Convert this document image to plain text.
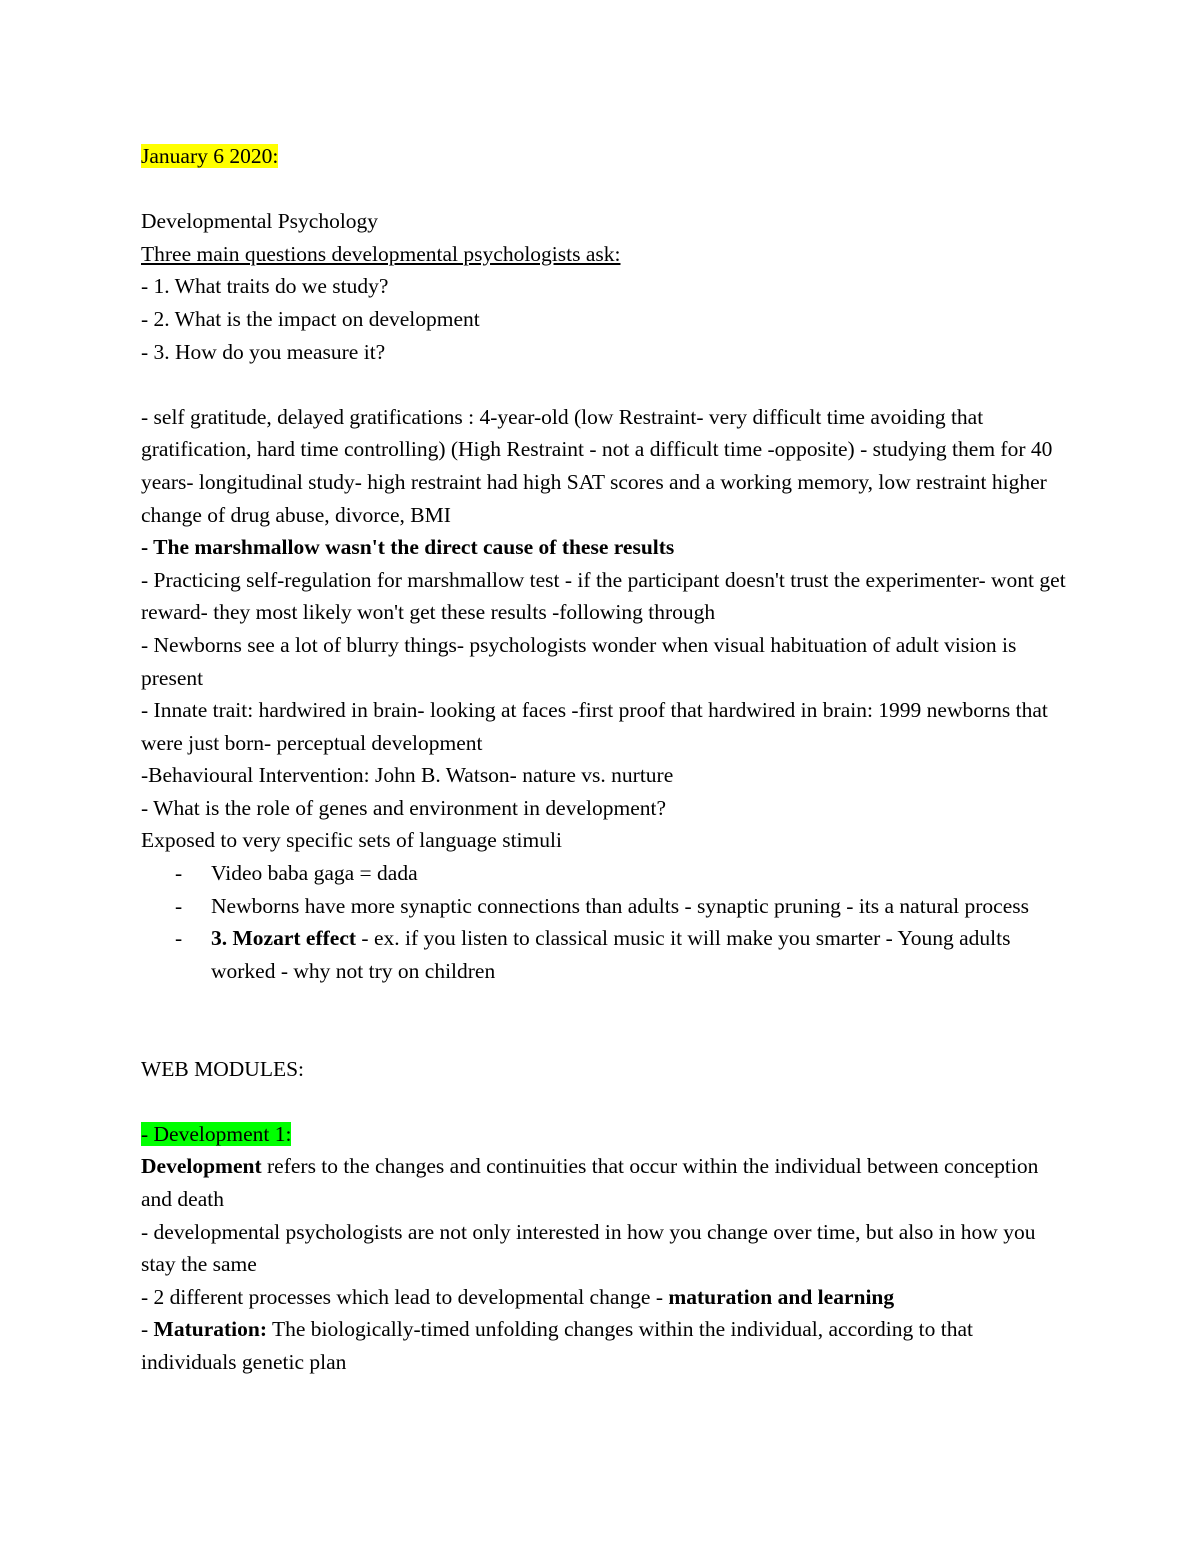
January 6 2020:

Developmental Psychology

Three main questions developmental psychologists ask:

- 1. What traits do we study?

- 2. What is the impact on development

- 3. How do you measure it?

- self gratitude, delayed gratifications : 4-year-old (low Restraint- very difficult time avoiding that gratification, hard time controlling) (High Restraint - not a difficult time -opposite) - studying them for 40 years- longitudinal study- high restraint had high SAT scores and a working memory, low restraint higher change of drug abuse, divorce, BMI

- The marshmallow wasn't the direct cause of these results

- Practicing self-regulation for marshmallow test - if the participant doesn't trust the experimenter- wont get reward- they most likely won't get these results -following through

- Newborns see a lot of blurry things- psychologists wonder when visual habituation of adult vision is present

- Innate trait: hardwired in brain- looking at faces -first proof that hardwired in brain: 1999 newborns that were just born- perceptual development

-Behavioural Intervention: John B. Watson- nature vs. nurture

- What is the role of genes and environment in development?

Exposed to very specific sets of language stimuli

- Video baba gaga = dada
- Newborns have more synaptic connections than adults - synaptic pruning - its a natural process
- 3. Mozart effect - ex. if you listen to classical music it will make you smarter - Young adults worked - why not try on children

WEB MODULES:

- Development 1:

Development refers to the changes and continuities that occur within the individual between conception and death

- developmental psychologists are not only interested in how you change over time, but also in how you stay the same

- 2 different processes which lead to developmental change - maturation and learning

- Maturation: The biologically-timed unfolding changes within the individual, according to that individuals genetic plan
